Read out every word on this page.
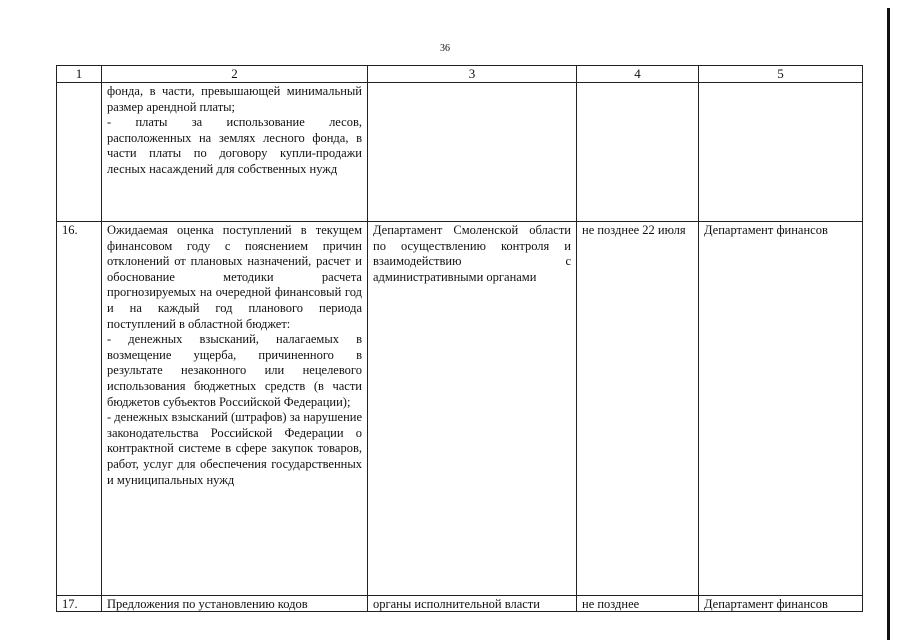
36
1	2	3	4	5

	фонда, в части, превышающей минимальный размер арендной платы;
- платы за использование лесов, расположенных на землях лесного фонда, в части платы по договору купли-продажи лесных насаждений для собственных нужд			

16.	Ожидаемая оценка поступлений в текущем финансовом году с пояснением причин отклонений от плановых назначений, расчет и обоснование методики расчета прогнозируемых на очередной финансовый год и на каждый год планового периода поступлений в областной бюджет:
- денежных взысканий, налагаемых в возмещение ущерба, причиненного в результате незаконного или нецелевого использования бюджетных средств (в части бюджетов субъектов Российской Федерации);
- денежных взысканий (штрафов) за нарушение законодательства Российской Федерации о контрактной системе в сфере закупок товаров, работ, услуг для обеспечения государственных и муниципальных нужд	Департамент Смоленской области по осуществлению контроля и взаимодействию с административными органами	не позднее 22 июля	Департамент финансов
17.	Предложения по установлению кодов	органы исполнительной власти	не позднее	Департамент финансов
